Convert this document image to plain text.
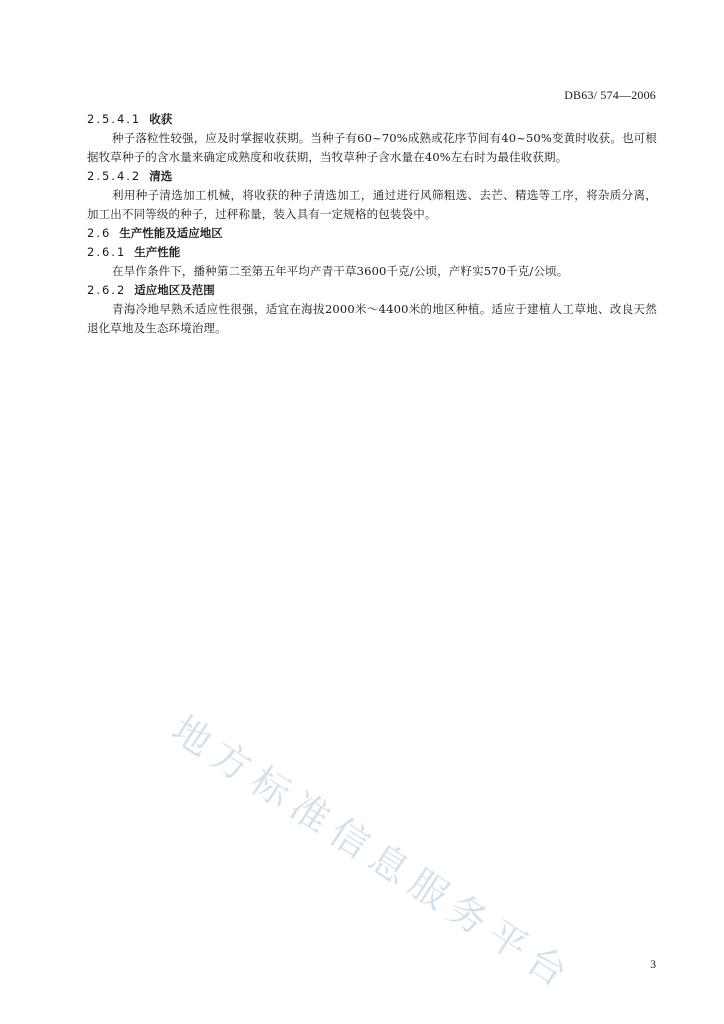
DB63/ 574—2006
2.5.4.1 收获
种子落粒性较强，应及时掌握收获期。当种子有60~70%成熟或花序节间有40~50%变黄时收获。也可根据牧草种子的含水量来确定成熟度和收获期，当牧草种子含水量在40%左右时为最佳收获期。
2.5.4.2 清选
利用种子清选加工机械，将收获的种子清选加工，通过进行风筛粗选、去芒、精选等工序，将杂质分离，加工出不同等级的种子，过秤称量，装入具有一定规格的包装袋中。
2.6 生产性能及适应地区
2.6.1 生产性能
在旱作条件下，播种第二至第五年平均产青干草3600千克/公顷，产籽实570千克/公顷。
2.6.2 适应地区及范围
青海冷地早熟禾适应性很强，适宜在海拔2000米～4400米的地区种植。适应于建植人工草地、改良天然退化草地及生态环境治理。
地方标准信息服务平台	3
